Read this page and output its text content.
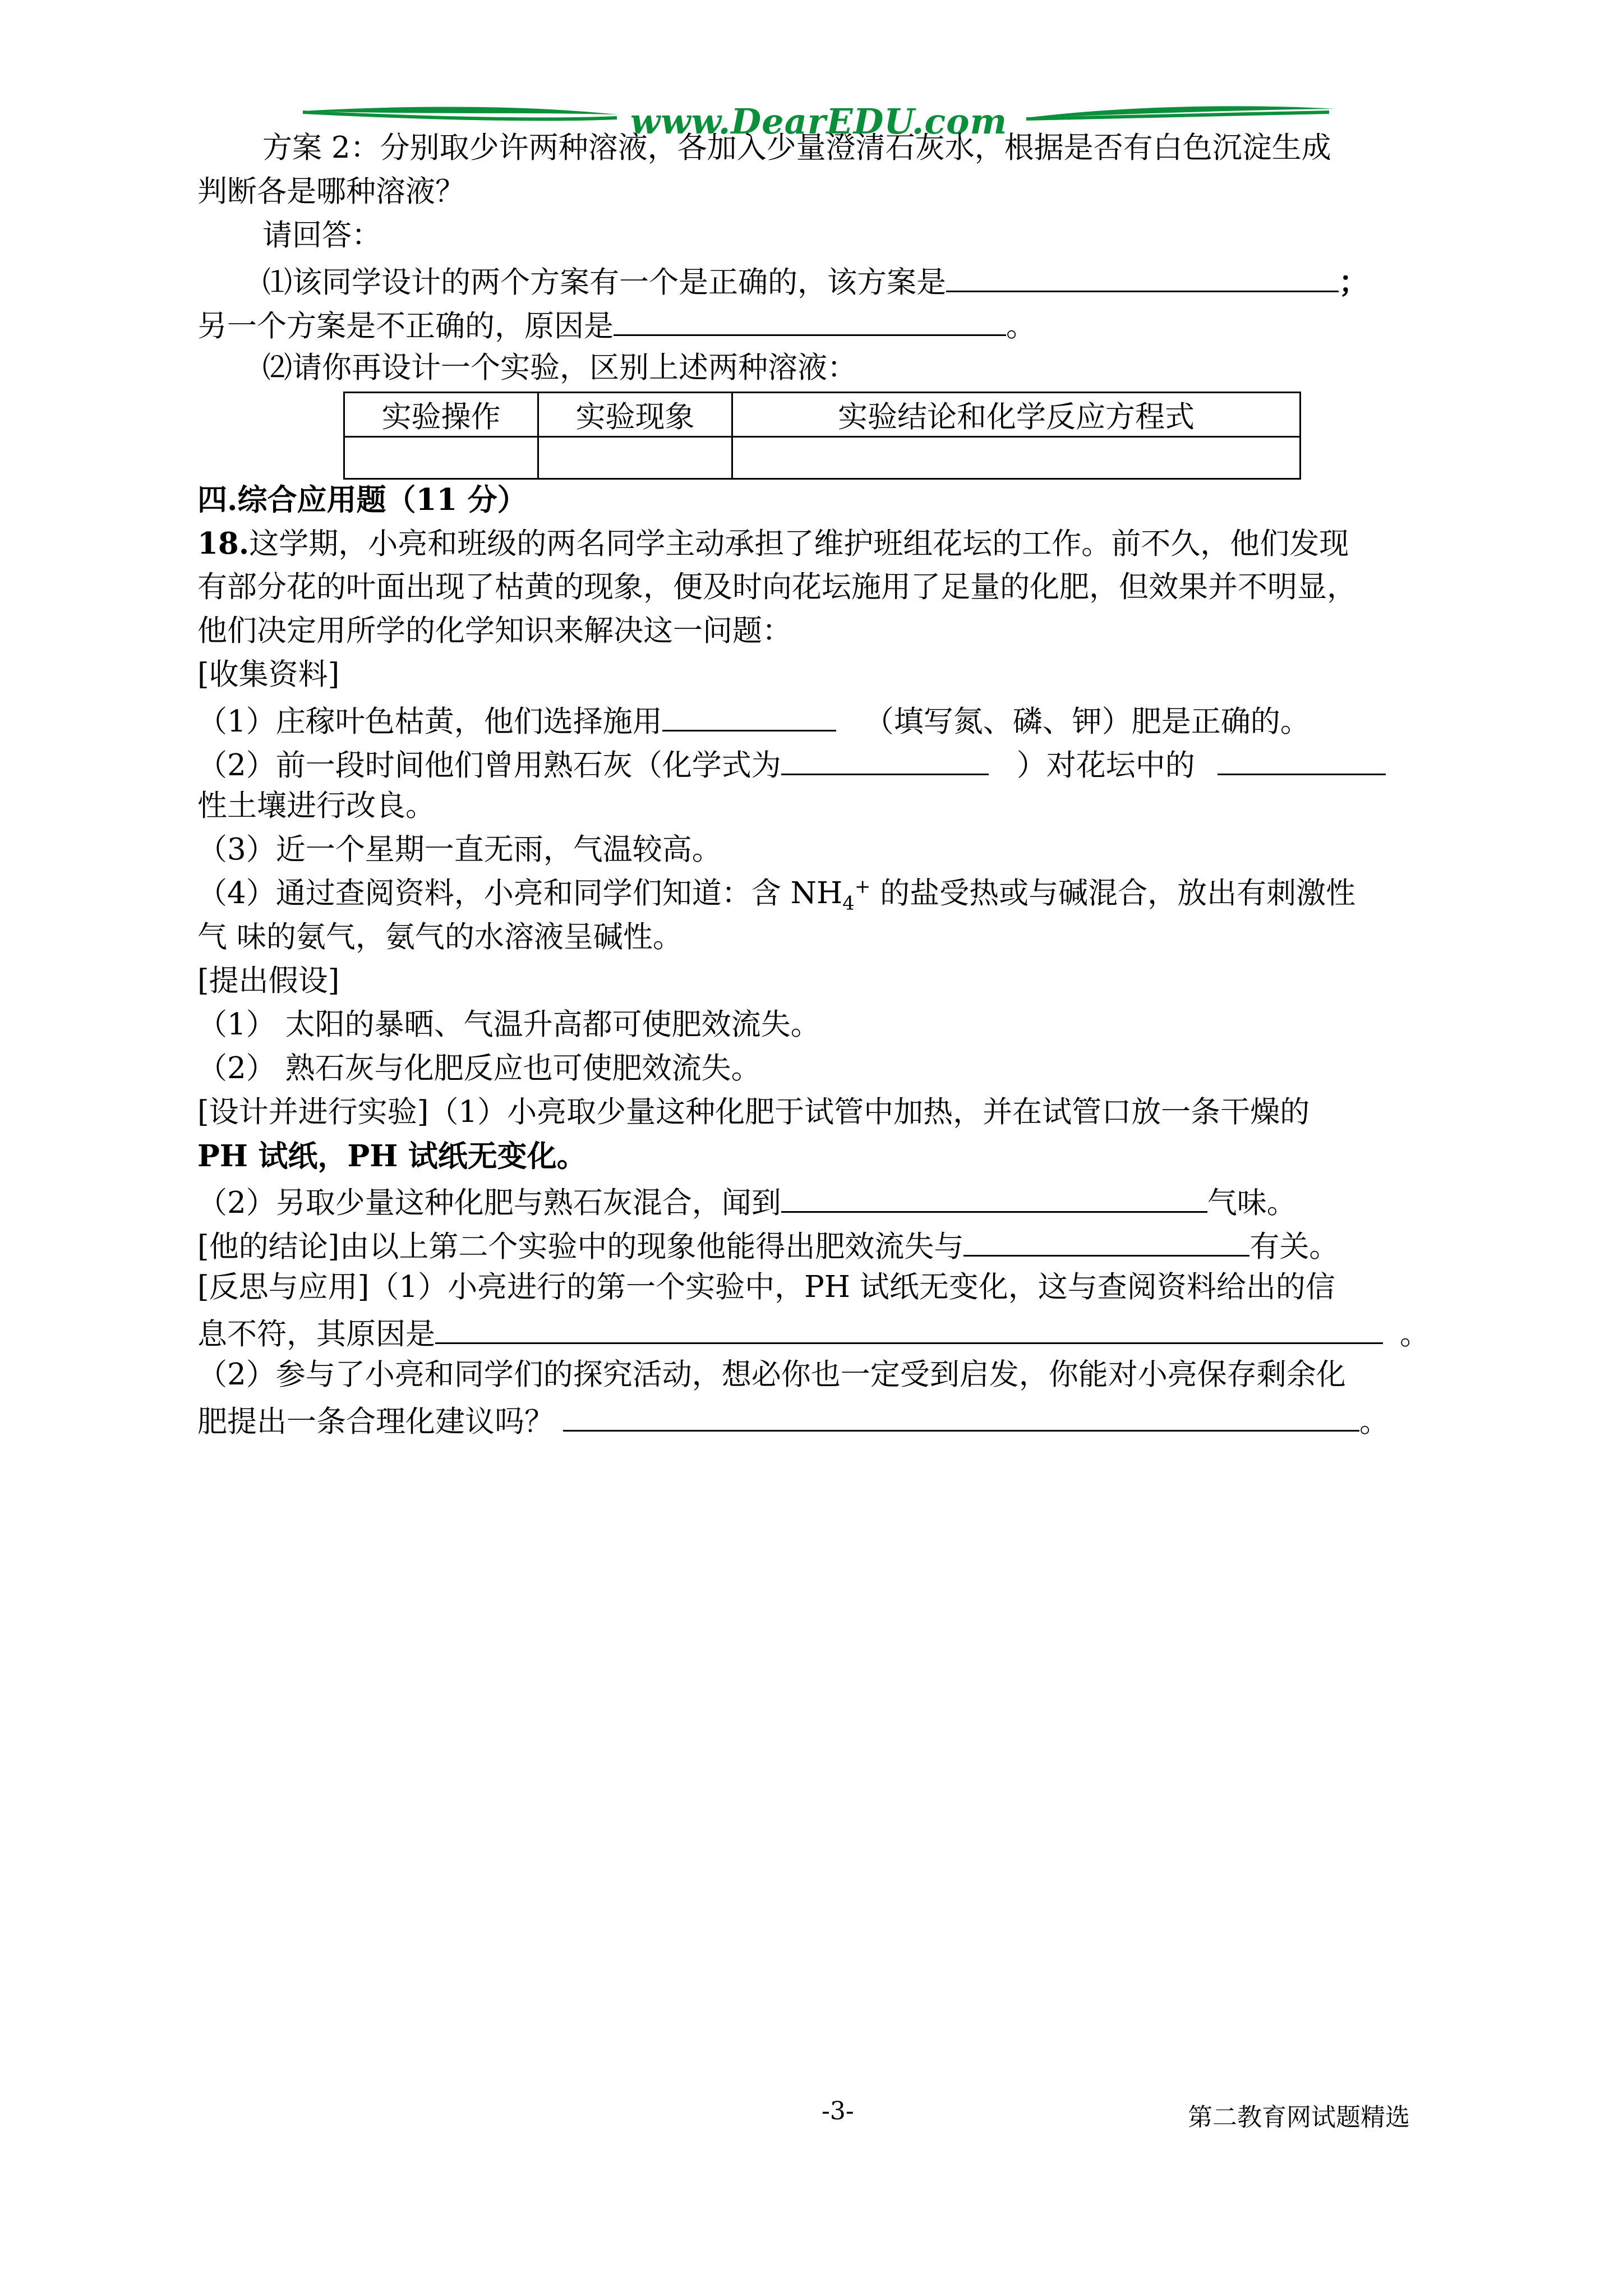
www.DearEDU.com
方案 2：分别取少许两种溶液，各加入少量澄清石灰水，根据是否有白色沉淀生成
判断各是哪种溶液？
请回答：
⑴该同学设计的两个方案有一个是正确的，该方案是	；
另一个方案是不正确的，原因是	。
⑵请你再设计一个实验，区别上述两种溶液：
实验操作	实验现象	实验结论和化学反应方程式

四.综合应用题（11 分）
18.这学期，小亮和班级的两名同学主动承担了维护班组花坛的工作。前不久，他们发现
有部分花的叶面出现了枯黄的现象，便及时向花坛施用了足量的化肥，但效果并不明显，
他们决定用所学的化学知识来解决这一问题：
[收集资料]
（1）庄稼叶色枯黄，他们选择施用	（填写氮、磷、钾）肥是正确的。
（2）前一段时间他们曾用熟石灰（化学式为	）对花坛中的
性土壤进行改良。
（3）近一个星期一直无雨，气温较高。
（4）通过查阅资料，小亮和同学们知道：含 $NH_4^+$ 的盐受热或与碱混合，放出有刺激性
气 味的氨气，氨气的水溶液呈碱性。
[提出假设]
（1） 太阳的暴晒、气温升高都可使肥效流失。
（2） 熟石灰与化肥反应也可使肥效流失。
[设计并进行实验]（1）小亮取少量这种化肥于试管中加热，并在试管口放一条干燥的
PH 试纸，PH 试纸无变化。
（2）另取少量这种化肥与熟石灰混合，闻到	气味。
[他的结论]由以上第二个实验中的现象他能得出肥效流失与	有关。
[反思与应用]（1）小亮进行的第一个实验中，PH 试纸无变化，这与查阅资料给出的信
息不符，其原因是	。
（2）参与了小亮和同学们的探究活动，想必你也一定受到启发，你能对小亮保存剩余化
肥提出一条合理化建议吗？	。
-3-	第二教育网试题精选
